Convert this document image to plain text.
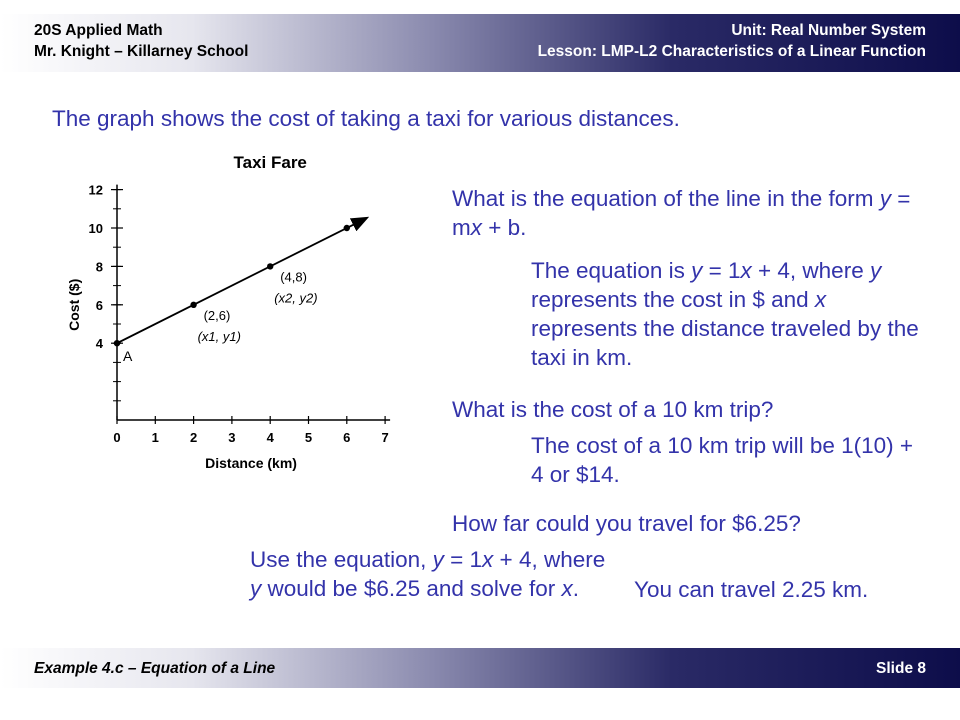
20S Applied Math
Mr. Knight – Killarney School
Unit: Real Number System
Lesson: LMP-L2 Characteristics of a Linear Function
The graph shows the cost of taking a taxi for various distances.
0 1 2 3 4 5 6 7
4
6
8
10
12
Taxi Fare
Distance (km)
Cost ($)
A
(2,6)
(x1, y1)
(4,8)
(x2, y2)
What is the equation of the line in the form y = mx + b.
The equation is y = 1x + 4, where y represents the cost in $ and x represents the distance traveled by the taxi in km.
What is the cost of a 10 km trip?
The cost of a 10 km trip will be 1(10) + 4 or $14.
How far could you travel for $6.25?
Use the equation, y = 1x + 4, where y would be $6.25 and solve for x.	You can travel 2.25 km.
Example 4.c – Equation of a Line	Slide 8
